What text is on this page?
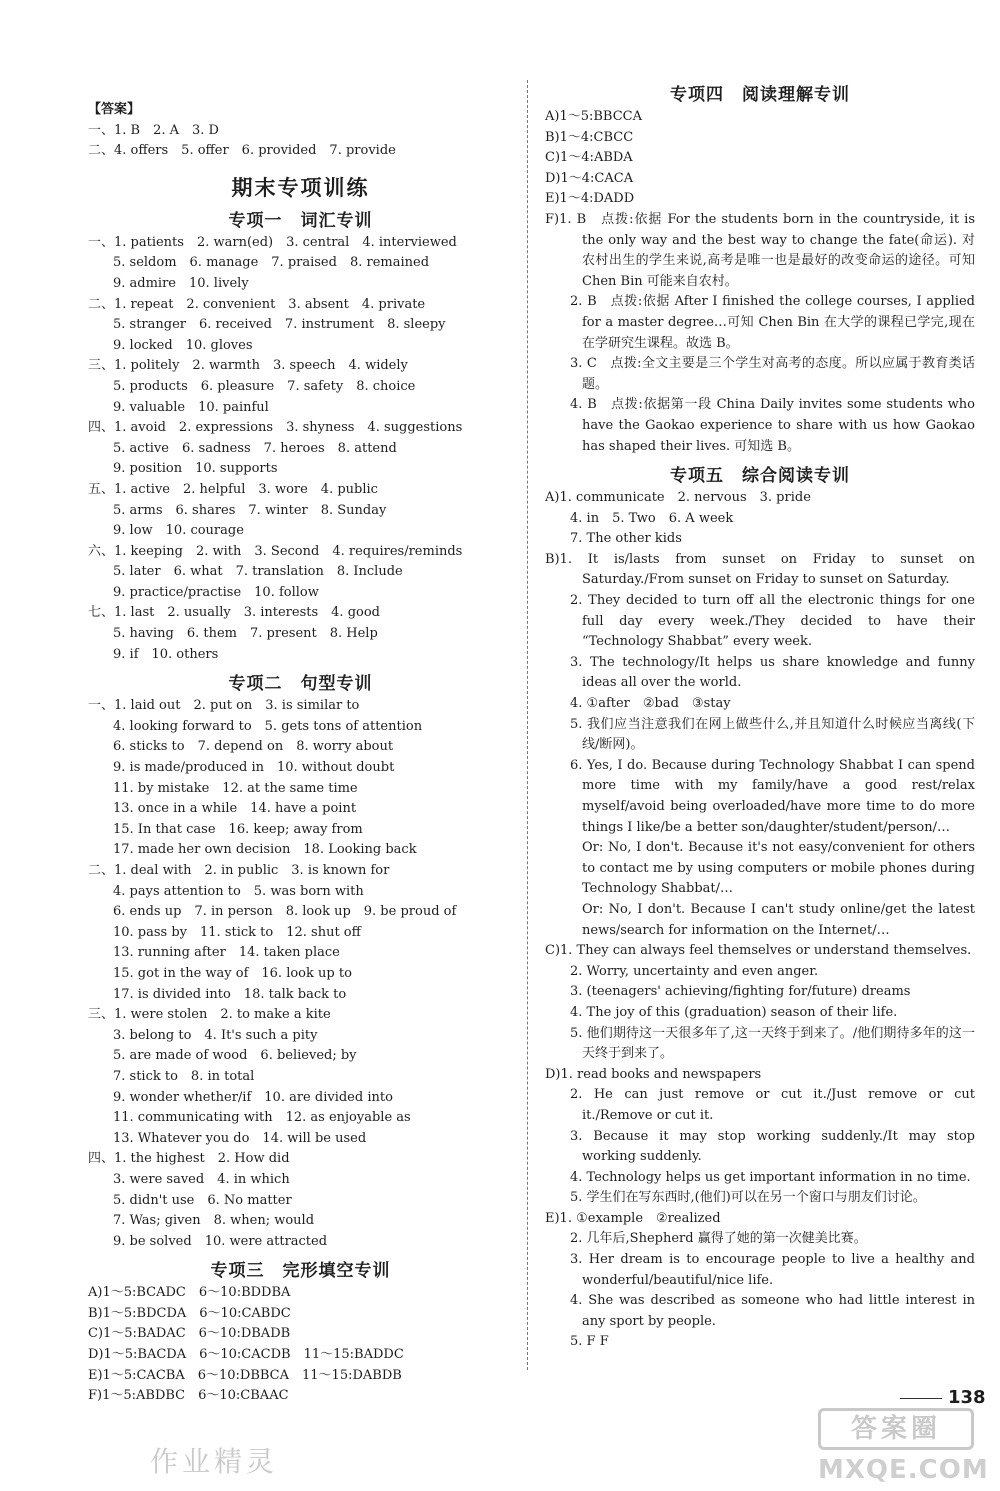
【答案】
一、1. B　2. A　3. D
二、4. offers　5. offer　6. provided　7. provide
期末专项训练
专项一　词汇专训
一、1. patients　2. warn(ed)　3. central　4. interviewed
5. seldom　6. manage　7. praised　8. remained
9. admire　10. lively
二、1. repeat　2. convenient　3. absent　4. private
5. stranger　6. received　7. instrument　8. sleepy
9. locked　10. gloves
三、1. politely　2. warmth　3. speech　4. widely
5. products　6. pleasure　7. safety　8. choice
9. valuable　10. painful
四、1. avoid　2. expressions　3. shyness　4. suggestions
5. active　6. sadness　7. heroes　8. attend
9. position　10. supports
五、1. active　2. helpful　3. wore　4. public
5. arms　6. shares　7. winter　8. Sunday
9. low　10. courage
六、1. keeping　2. with　3. Second　4. requires/reminds
5. later　6. what　7. translation　8. Include
9. practice/practise　10. follow
七、1. last　2. usually　3. interests　4. good
5. having　6. them　7. present　8. Help
9. if　10. others
专项二　句型专训
一、1. laid out　2. put on　3. is similar to
4. looking forward to　5. gets tons of attention
6. sticks to　7. depend on　8. worry about
9. is made/produced in　10. without doubt
11. by mistake　12. at the same time
13. once in a while　14. have a point
15. In that case　16. keep; away from
17. made her own decision　18. Looking back
二、1. deal with　2. in public　3. is known for
4. pays attention to　5. was born with
6. ends up　7. in person　8. look up　9. be proud of
10. pass by　11. stick to　12. shut off
13. running after　14. taken place
15. got in the way of　16. look up to
17. is divided into　18. talk back to
三、1. were stolen　2. to make a kite
3. belong to　4. It's such a pity
5. are made of wood　6. believed; by
7. stick to　8. in total
9. wonder whether/if　10. are divided into
11. communicating with　12. as enjoyable as
13. Whatever you do　14. will be used
四、1. the highest　2. How did
3. were saved　4. in which
5. didn't use　6. No matter
7. Was; given　8. when; would
9. be solved　10. were attracted
专项三　完形填空专训
A)1～5:BCADC　6～10:BDDBA
B)1～5:BDCDA　6～10:CABDC
C)1～5:BADAC　6～10:DBADB
D)1～5:BACDA　6～10:CACDB　11～15:BADDC
E)1～5:CACBA　6～10:DBBCA　11～15:DABDB
F)1～5:ABDBC　6～10:CBAAC
专项四　阅读理解专训
A)1～5:BBCCA
B)1～4:CBCC
C)1～4:ABDA
D)1～4:CACA
E)1～4:DADD
F)1. B　点拨:依据 For the students born in the countryside, it is the only way and the best way to change the fate(命运). 对农村出生的学生来说,高考是唯一也是最好的改变命运的途径。可知 Chen Bin 可能来自农村。
2. B　点拨:依据 After I finished the college courses, I applied for a master degree…可知 Chen Bin 在大学的课程已学完,现在在学研究生课程。故选 B。
3. C　点拨:全文主要是三个学生对高考的态度。所以应属于教育类话题。
4. B　点拨:依据第一段 China Daily invites some students who have the Gaokao experience to share with us how Gaokao has shaped their lives. 可知选 B。
专项五　综合阅读专训
A)1. communicate　2. nervous　3. pride
4. in　5. Two　6. A week
7. The other kids
B)1. It is/lasts from sunset on Friday to sunset on Saturday./From sunset on Friday to sunset on Saturday.
2. They decided to turn off all the electronic things for one full day every week./They decided to have their “Technology Shabbat” every week.
3. The technology/It helps us share knowledge and funny ideas all over the world.
4. ①after　②bad　③stay
5. 我们应当注意我们在网上做些什么,并且知道什么时候应当离线(下线/断网)。
6. Yes, I do. Because during Technology Shabbat I can spend more time with my family/have a good rest/relax myself/avoid being overloaded/have more time to do more things I like/be a better son/daughter/student/person/…
Or: No, I don't. Because it's not easy/convenient for others to contact me by using computers or mobile phones during Technology Shabbat/…
Or: No, I don't. Because I can't study online/get the latest news/search for information on the Internet/…
C)1. They can always feel themselves or understand themselves.
2. Worry, uncertainty and even anger.
3. (teenagers' achieving/fighting for/future) dreams
4. The joy of this (graduation) season of their life.
5. 他们期待这一天很多年了,这一天终于到来了。/他们期待多年的这一天终于到来了。
D)1. read books and newspapers
2. He can just remove or cut it./Just remove or cut it./Remove or cut it.
3. Because it may stop working suddenly./It may stop working suddenly.
4. Technology helps us get important information in no time.
5. 学生们在写东西时,(他们)可以在另一个窗口与朋友们讨论。
E)1. ①example　②realized
2. 几年后,Shepherd 赢得了她的第一次健美比赛。
3. Her dream is to encourage people to live a healthy and wonderful/beautiful/nice life.
4. She was described as someone who had little interest in any sport by people.
5. F F
138
作业精灵
答案圈
MXQE.COM
